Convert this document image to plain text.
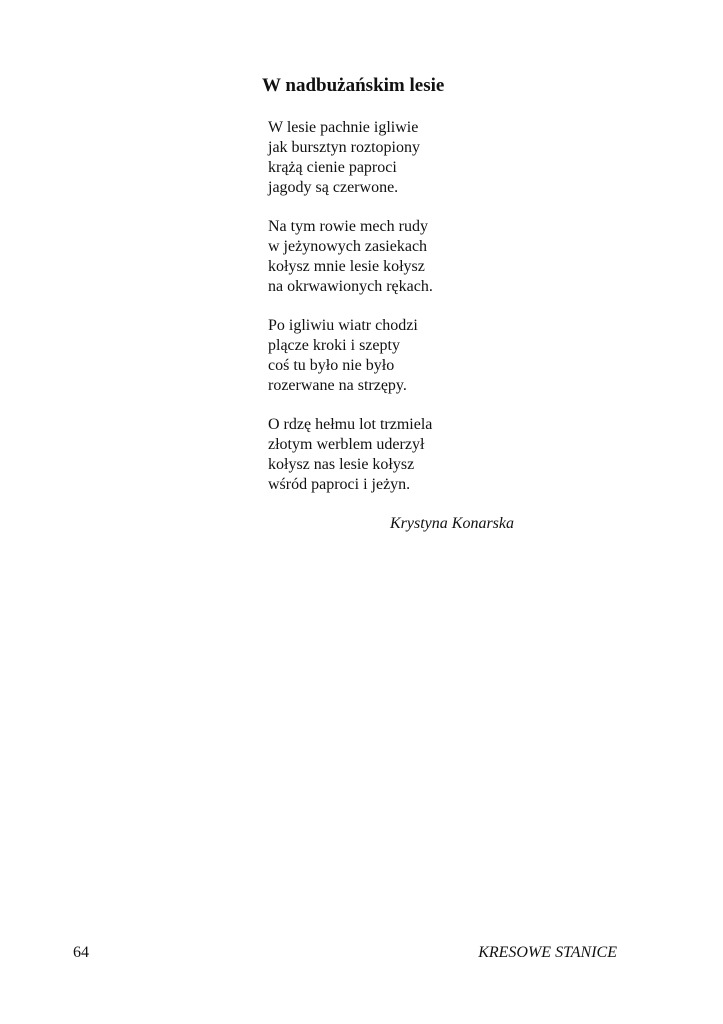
W nadbużańskim lesie
W lesie pachnie igliwie
jak bursztyn roztopiony
krążą cienie paproci
jagody są czerwone.
Na tym rowie mech rudy
w jeżynowych zasiekach
kołysz mnie lesie kołysz
na okrwawionych rękach.
Po igliwiu wiatr chodzi
plącze kroki i szepty
coś tu było nie było
rozerwane na strzępy.
O rdzę hełmu lot trzmiela
złotym werblem uderzył
kołysz nas lesie kołysz
wśród paproci i jeżyn.
Krystyna Konarska
64	KRESOWE STANICE
